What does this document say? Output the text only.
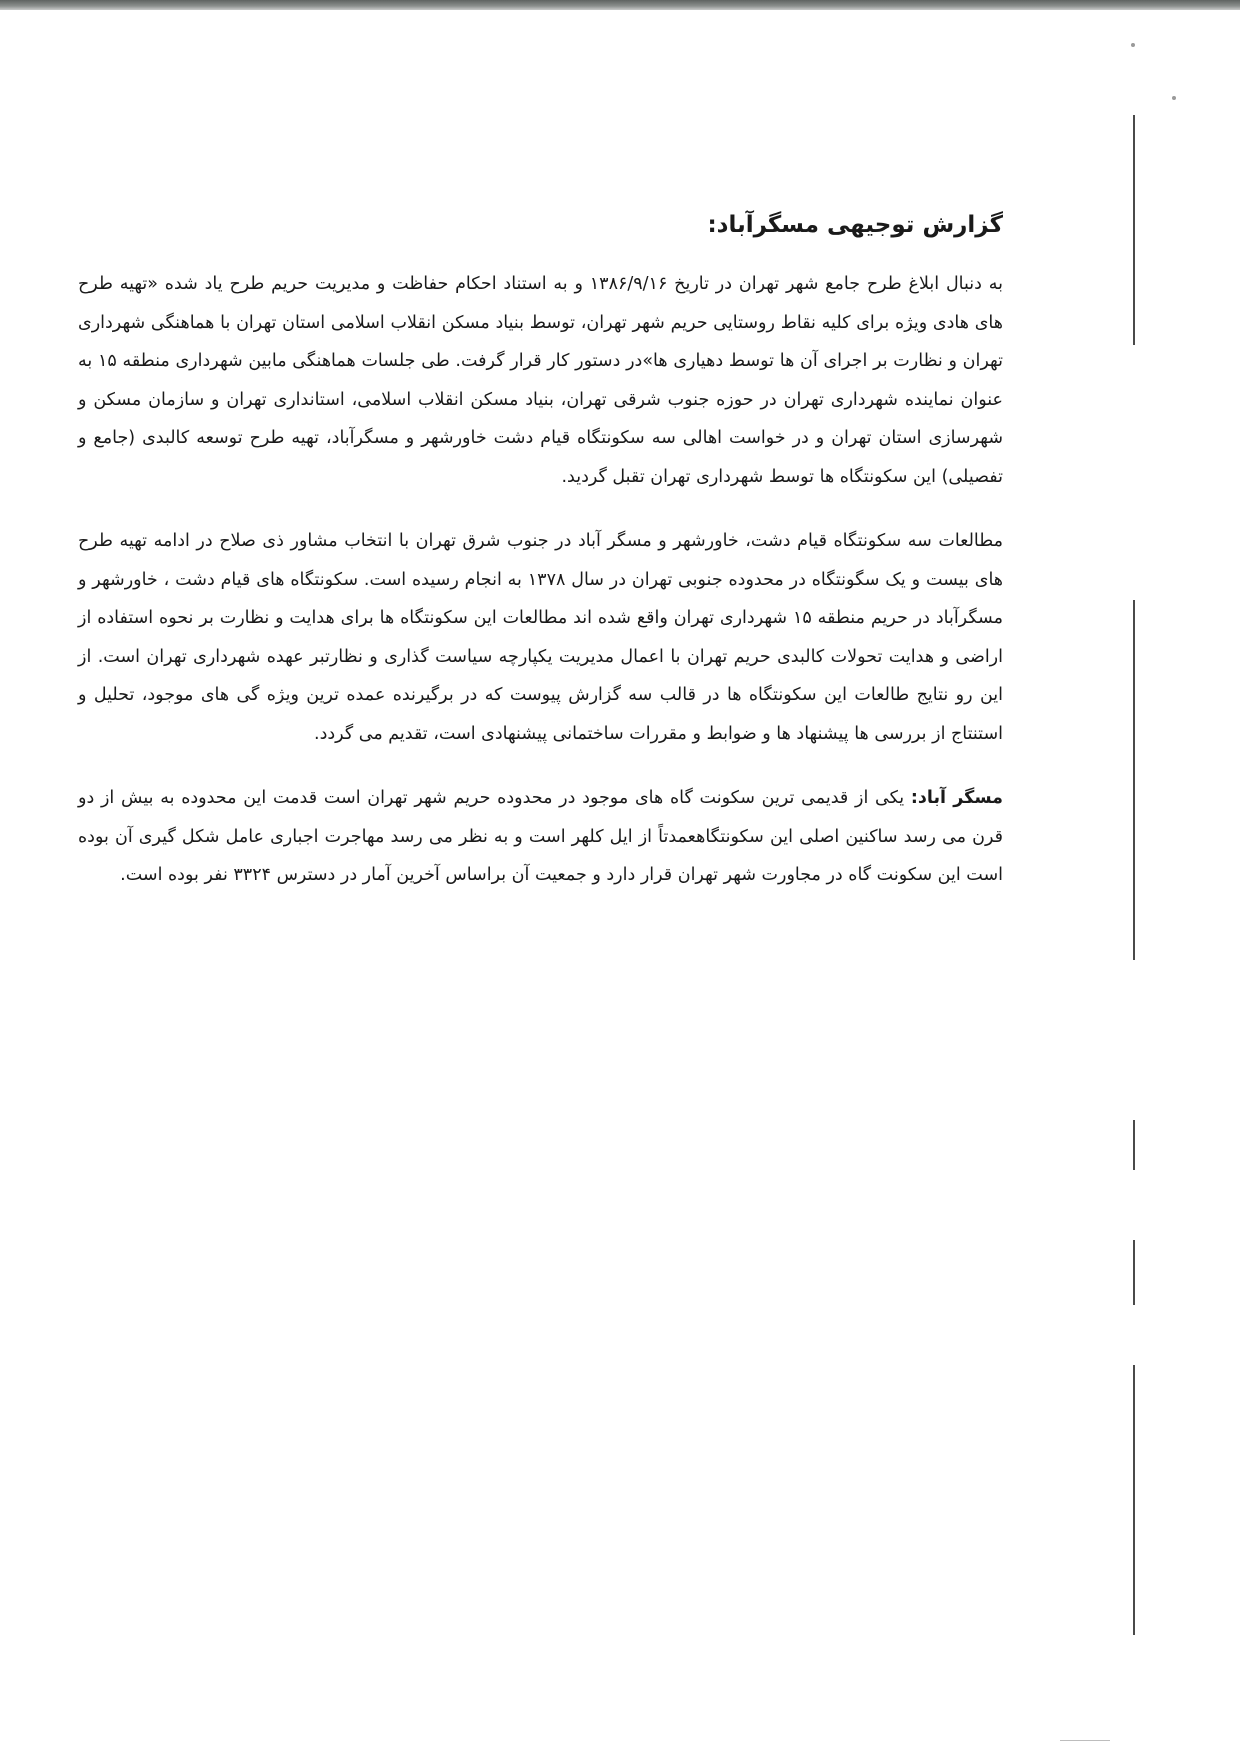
گزارش توجیهی مسگرآباد:

به دنبال ابلاغ طرح جامع شهر تهران در تاریخ ۱۳۸۶/۹/۱۶ و به استناد احکام حفاظت و مدیریت حریم طرح یاد شده «تهیه طرح های هادی ویژه برای کلیه نقاط روستایی حریم شهر تهران، توسط بنیاد مسکن انقلاب اسلامی استان تهران با هماهنگی شهرداری تهران و نظارت بر اجرای آن ها توسط دهیاری ها»در دستور کار قرار گرفت. طی جلسات هماهنگی مابین شهرداری منطقه ۱۵ به عنوان نماینده شهرداری تهران در حوزه جنوب شرقی تهران، بنیاد مسکن انقلاب اسلامی، استانداری تهران و سازمان مسکن و شهرسازی استان تهران و در خواست اهالی سه سکونتگاه قیام دشت خاورشهر و مسگرآباد، تهیه طرح توسعه کالبدی (جامع و تفصیلی) این سکونتگاه ها توسط شهرداری تهران تقبل گردید.

مطالعات سه سکونتگاه قیام دشت، خاورشهر و مسگر آباد در جنوب شرق تهران با انتخاب مشاور ذی صلاح در ادامه تهیه طرح های بیست و یک سگونتگاه در محدوده جنوبی تهران در سال ۱۳۷۸ به انجام رسیده است. سکونتگاه های قیام دشت ، خاورشهر و مسگرآباد در حریم منطقه ۱۵ شهرداری تهران واقع شده اند مطالعات این سکونتگاه ها برای هدایت و نظارت بر نحوه استفاده از اراضی و هدایت تحولات کالبدی حریم تهران با اعمال مدیریت یکپارچه سیاست گذاری و نظارتبر عهده شهرداری تهران است. از این رو نتایج طالعات این سکونتگاه ها در قالب سه گزارش پیوست که در برگیرنده عمده ترین ویژه گی های موجود، تحلیل و استنتاج از بررسی ها پیشنهاد ها و ضوابط و مقررات ساختمانی پیشنهادی است، تقدیم می گردد.

مسگر آباد: یکی از قدیمی ترین سکونت گاه های موجود در محدوده حریم شهر تهران است قدمت این محدوده به بیش از دو قرن می رسد ساکنین اصلی این سکونتگاهعمدتاً از ایل کلهر است و به نظر می رسد مهاجرت اجباری عامل شکل گیری آن بوده است این سکونت گاه در مجاورت شهر تهران قرار دارد و جمعیت آن براساس آخرین آمار در دسترس ۳۳۲۴ نفر بوده است.
